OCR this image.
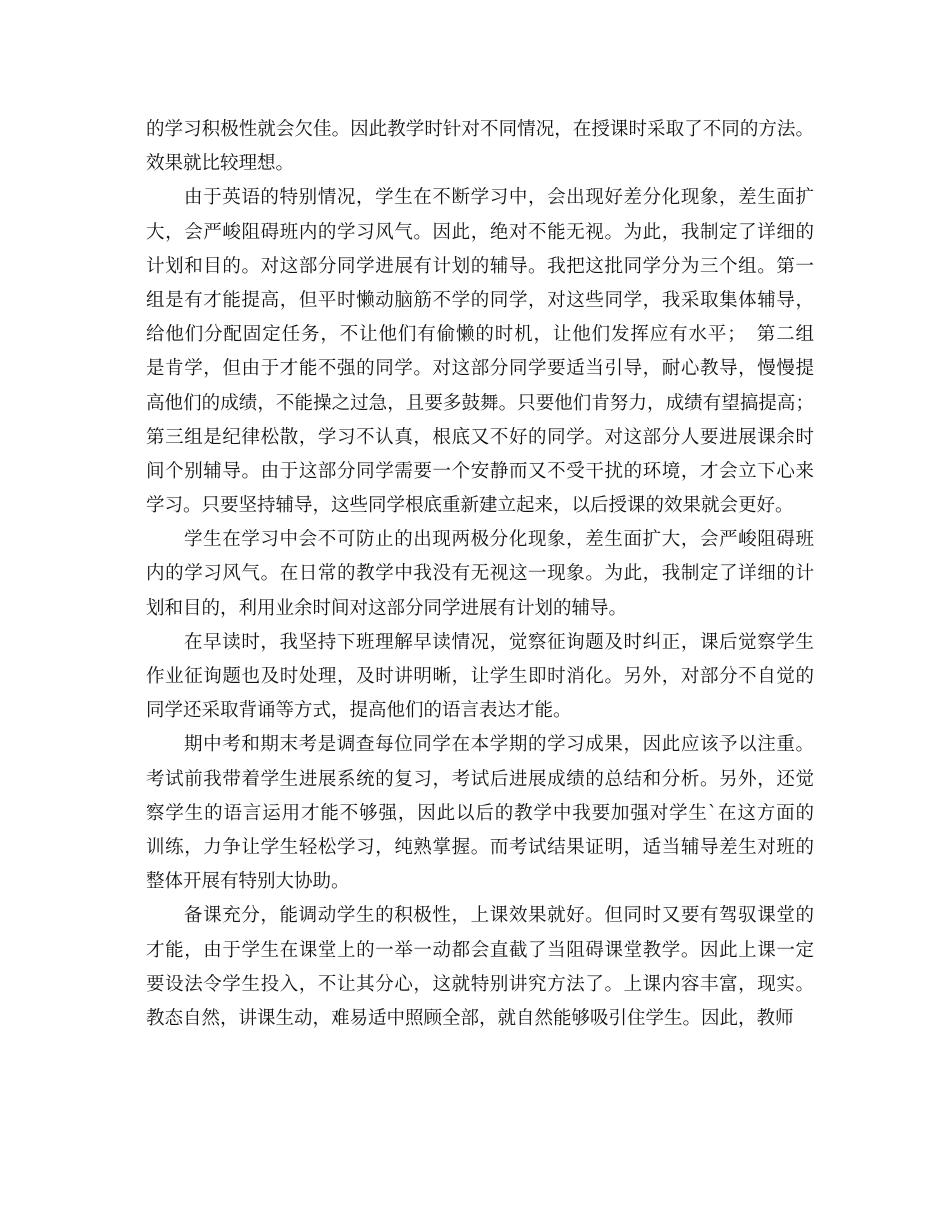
的学习积极性就会欠佳。因此教学时针对不同情况，在授课时采取了不同的方法。
效果就比较理想。
由于英语的特别情况，学生在不断学习中，会出现好差分化现象，差生面扩
大，会严峻阻碍班内的学习风气。因此，绝对不能无视。为此，我制定了详细的
计划和目的。对这部分同学进展有计划的辅导。我把这批同学分为三个组。第一
组是有才能提高，但平时懒动脑筋不学的同学，对这些同学，我采取集体辅导，
给他们分配固定任务，不让他们有偷懒的时机，让他们发挥应有水平；　第二组
是肯学，但由于才能不强的同学。对这部分同学要适当引导，耐心教导，慢慢提
高他们的成绩，不能操之过急，且要多鼓舞。只要他们肯努力，成绩有望搞提高；
第三组是纪律松散，学习不认真，根底又不好的同学。对这部分人要进展课余时
间个别辅导。由于这部分同学需要一个安静而又不受干扰的环境，才会立下心来
学习。只要坚持辅导，这些同学根底重新建立起来，以后授课的效果就会更好。
学生在学习中会不可防止的出现两极分化现象，差生面扩大，会严峻阻碍班
内的学习风气。在日常的教学中我没有无视这一现象。为此，我制定了详细的计
划和目的，利用业余时间对这部分同学进展有计划的辅导。
在早读时，我坚持下班理解早读情况，觉察征询题及时纠正，课后觉察学生
作业征询题也及时处理，及时讲明晰，让学生即时消化。另外，对部分不自觉的
同学还采取背诵等方式，提高他们的语言表达才能。
期中考和期末考是调查每位同学在本学期的学习成果，因此应该予以注重。
考试前我带着学生进展系统的复习，考试后进展成绩的总结和分析。另外，还觉
察学生的语言运用才能不够强，因此以后的教学中我要加强对学生`在这方面的
训练，力争让学生轻松学习，纯熟掌握。而考试结果证明，适当辅导差生对班的
整体开展有特别大协助。
备课充分，能调动学生的积极性，上课效果就好。但同时又要有驾驭课堂的
才能，由于学生在课堂上的一举一动都会直截了当阻碍课堂教学。因此上课一定
要设法令学生投入，不让其分心，这就特别讲究方法了。上课内容丰富，现实。
教态自然，讲课生动，难易适中照顾全部，就自然能够吸引住学生。因此，教师
